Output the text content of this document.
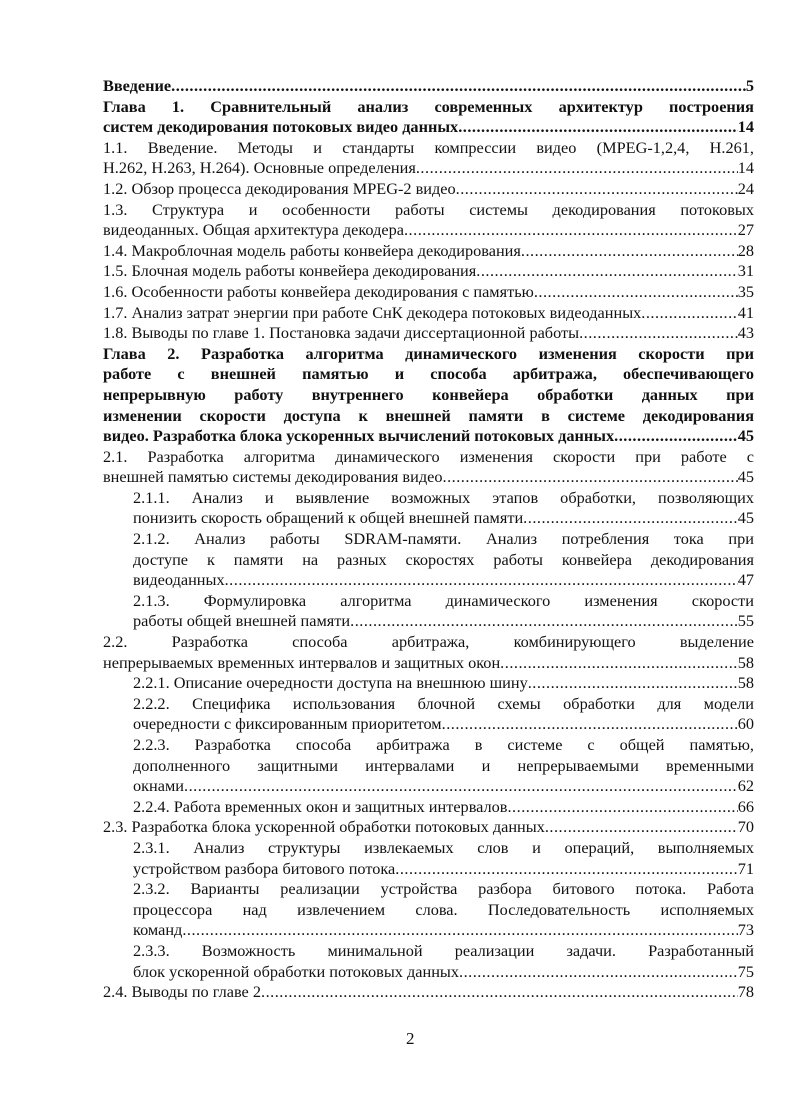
Введение .....	5
Глава 1. Сравнительный анализ современных архитектур построения
систем декодирования потоковых видео данных .....	14
1.1. Введение. Методы и стандарты компрессии видео (MPEG-1,2,4, H.261,
H.262, H.263, H.264). Основные определения .....	14
1.2. Обзор процесса декодирования MPEG-2 видео .....	24
1.3. Структура и особенности работы системы декодирования потоковых
видеоданных. Общая архитектура декодера .....	27
1.4. Макроблочная модель работы конвейера декодирования .....	28
1.5. Блочная модель работы конвейера декодирования .....	31
1.6. Особенности работы конвейера декодирования с памятью .....	35
1.7. Анализ затрат энергии при работе СнК декодера потоковых видеоданных .....	41
1.8. Выводы по главе 1. Постановка задачи диссертационной работы .....	43
Глава 2. Разработка алгоритма динамического изменения скорости при
работе с внешней памятью и способа арбитража, обеспечивающего
непрерывную работу внутреннего конвейера обработки данных при
изменении скорости доступа к внешней памяти в системе декодирования
видео. Разработка блока ускоренных вычислений потоковых данных .....	45
2.1. Разработка алгоритма динамического изменения скорости при работе с
внешней памятью системы декодирования видео .....	45
2.1.1. Анализ и выявление возможных этапов обработки, позволяющих
понизить скорость обращений к общей внешней памяти .....	45
2.1.2. Анализ работы SDRAM-памяти. Анализ потребления тока при
доступе к памяти на разных скоростях работы конвейера декодирования
видеоданных .....	47
2.1.3. Формулировка алгоритма динамического изменения скорости
работы общей внешней памяти .....	55
2.2. Разработка способа арбитража, комбинирующего выделение
непрерываемых временных интервалов и защитных окон .....	58
2.2.1. Описание очередности доступа на внешнюю шину .....	58
2.2.2. Специфика использования блочной схемы обработки для модели
очередности с фиксированным приоритетом .....	60
2.2.3. Разработка способа арбитража в системе с общей памятью,
дополненного защитными интервалами и непрерываемыми временными
окнами .....	62
2.2.4. Работа временных окон и защитных интервалов .....	66
2.3. Разработка блока ускоренной обработки потоковых данных .....	70
2.3.1. Анализ структуры извлекаемых слов и операций, выполняемых
устройством разбора битового потока .....	71
2.3.2. Варианты реализации устройства разбора битового потока. Работа
процессора над извлечением слова. Последовательность исполняемых
команд .....	73
2.3.3. Возможность минимальной реализации задачи. Разработанный
блок ускоренной обработки потоковых данных .....	75
2.4. Выводы по главе 2 .....	78
2
